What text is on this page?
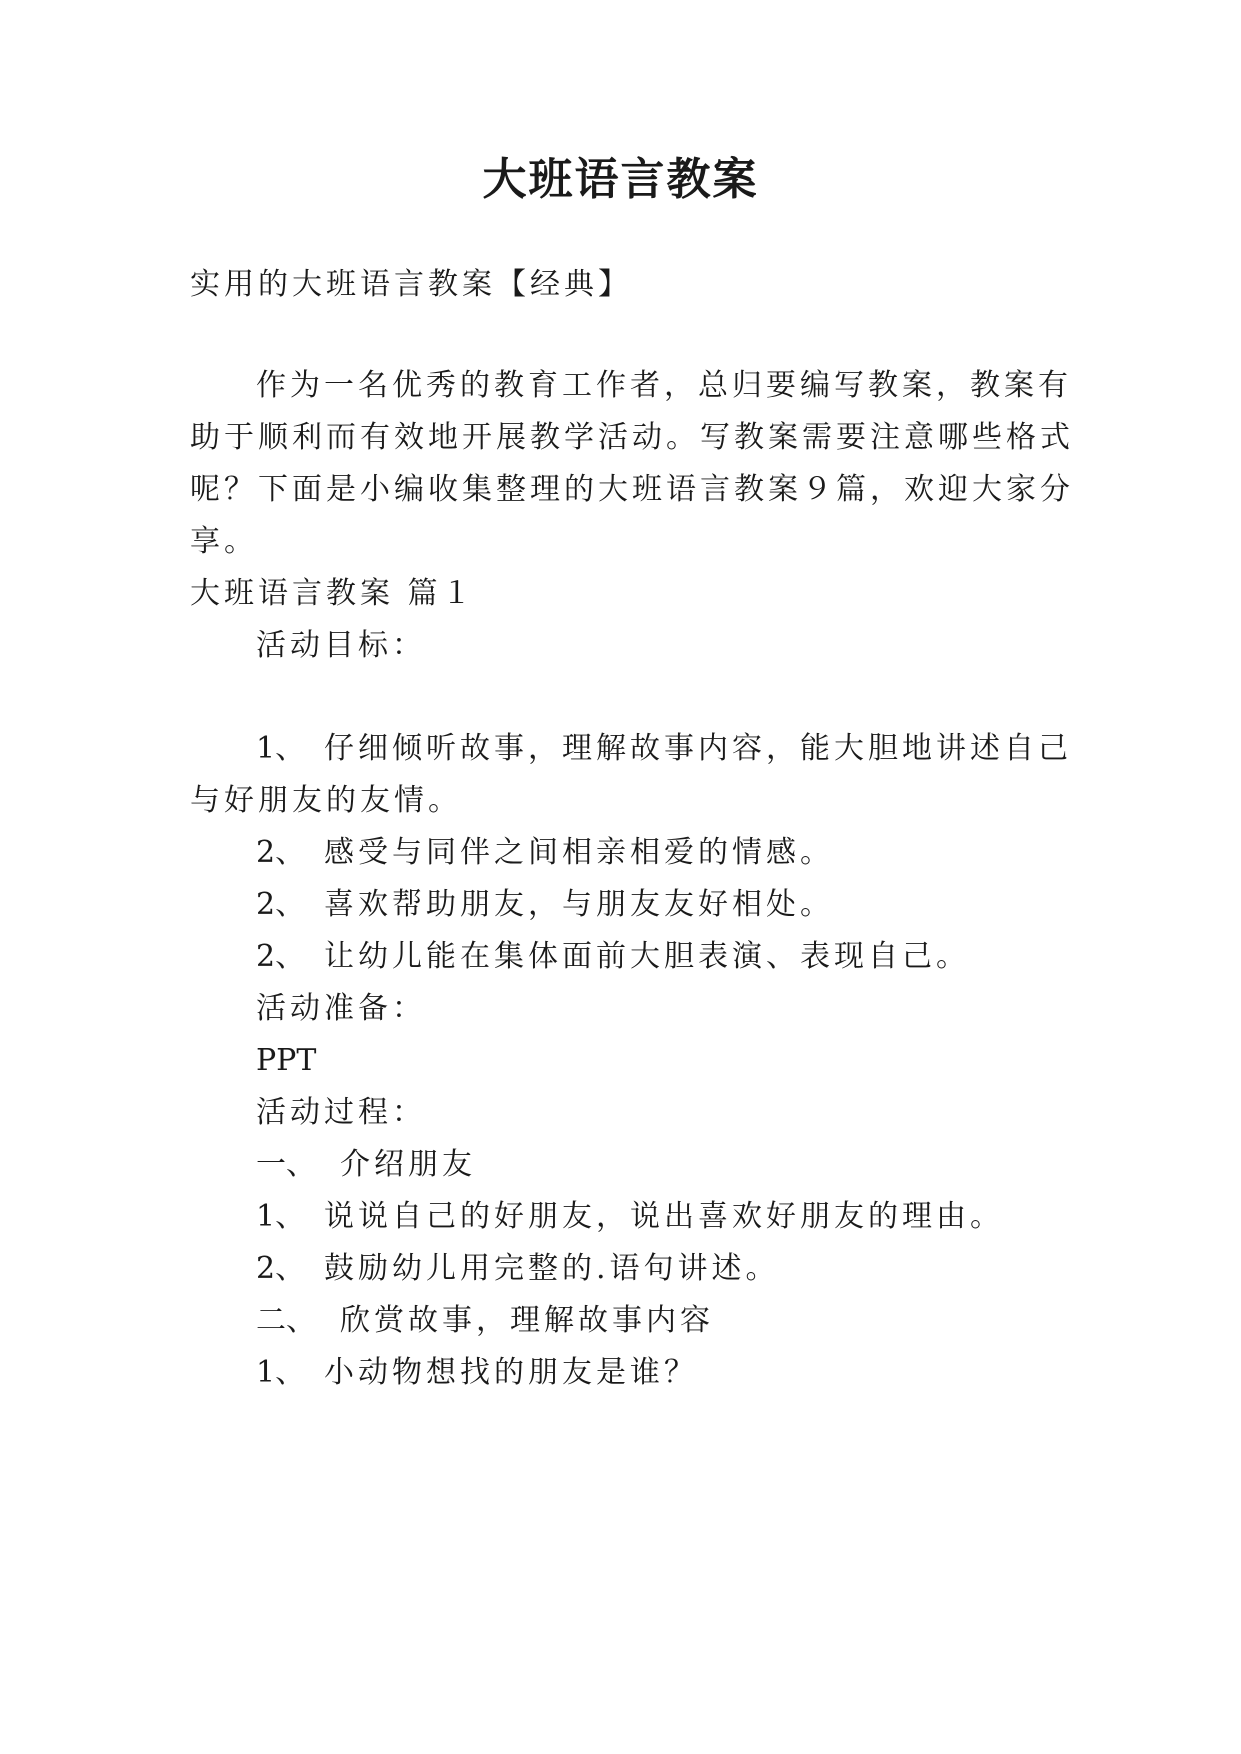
大班语言教案

实用的大班语言教案【经典】

作为一名优秀的教育工作者，总归要编写教案，教案有

助于顺利而有效地开展教学活动。写教案需要注意哪些格式

呢？下面是小编收集整理的大班语言教案９篇，欢迎大家分

享。

大班语言教案 篇１

活动目标：

1、 仔细倾听故事，理解故事内容，能大胆地讲述自己

与好朋友的友情。

2、 感受与同伴之间相亲相爱的情感。

2、 喜欢帮助朋友，与朋友友好相处。

2、 让幼儿能在集体面前大胆表演、表现自己。

活动准备：

PPT

活动过程：

一、 介绍朋友

1、 说说自己的好朋友，说出喜欢好朋友的理由。

2、 鼓励幼儿用完整的.语句讲述。

二、 欣赏故事，理解故事内容

1、 小动物想找的朋友是谁？
